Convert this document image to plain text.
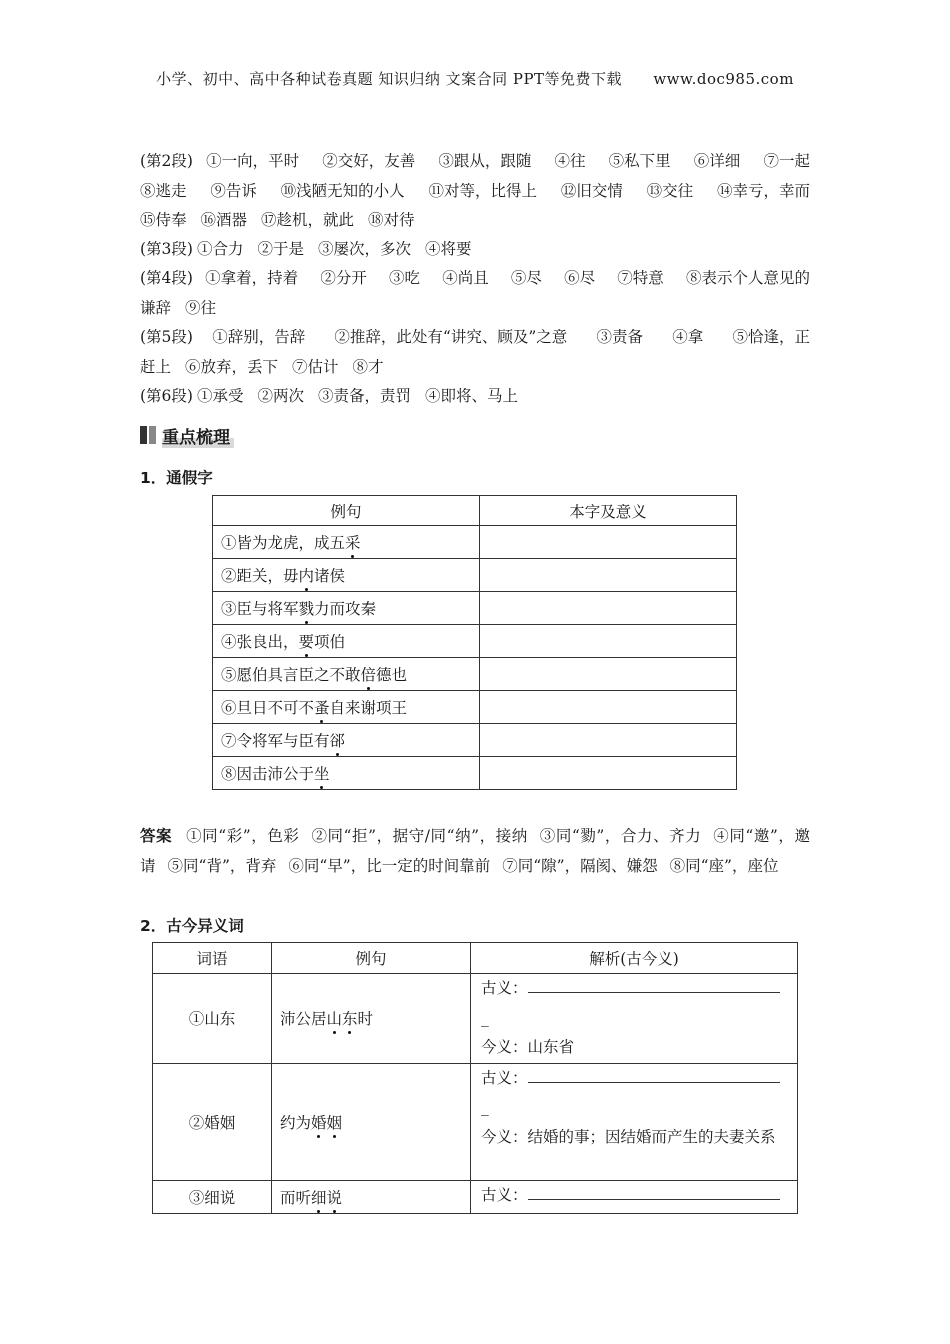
小学、初中、高中各种试卷真题 知识归纳 文案合同 PPT等免费下载 www.doc985.com
(第2段) ①一向，平时 ②交好，友善 ③跟从，跟随 ④往 ⑤私下里 ⑥详细 ⑦一起
⑧逃走 ⑨告诉 ⑩浅陋无知的小人 ⑪对等，比得上 ⑫旧交情 ⑬交往 ⑭幸亏，幸而
⑮侍奉 ⑯酒器 ⑰趁机，就此 ⑱对待
(第3段) ①合力 ②于是 ③屡次，多次 ④将要
(第4段) ①拿着，持着 ②分开 ③吃 ④尚且 ⑤尽 ⑥尽 ⑦特意 ⑧表示个人意见的
谦辞 ⑨往
(第5段) ①辞别，告辞 ②推辞，此处有“讲究、顾及”之意 ③责备 ④拿 ⑤恰逢，正
赶上 ⑥放弃，丢下 ⑦估计 ⑧才
(第6段) ①承受 ②两次 ③责备，责罚 ④即将、马上
重点梳理
1．通假字
例句	本字及意义
①皆为龙虎，成五采	
②距关，毋内诸侯	
③臣与将军戮力而攻秦	
④张良出，要项伯	
⑤愿伯具言臣之不敢倍德也	
⑥旦日不可不蚤自来谢项王	
⑦令将军与臣有郤	
⑧因击沛公于坐	
答案 ①同“彩”，色彩 ②同“拒”，据守/同“纳”，接纳 ③同“勠”，合力、齐力 ④同“邀”，邀请 ⑤同“背”，背弃 ⑥同“早”，比一定的时间靠前 ⑦同“隙”，隔阂、嫌怨 ⑧同“座”，座位
2．古今异义词
词语	例句	解析(古今义)
①山东	沛公居山东时	古义：
_
今义：山东省

②婚姻	约为婚姻	古义：
_
今义：结婚的事；因结婚而产生的夫妻关系

③细说	而听细说	古义：
